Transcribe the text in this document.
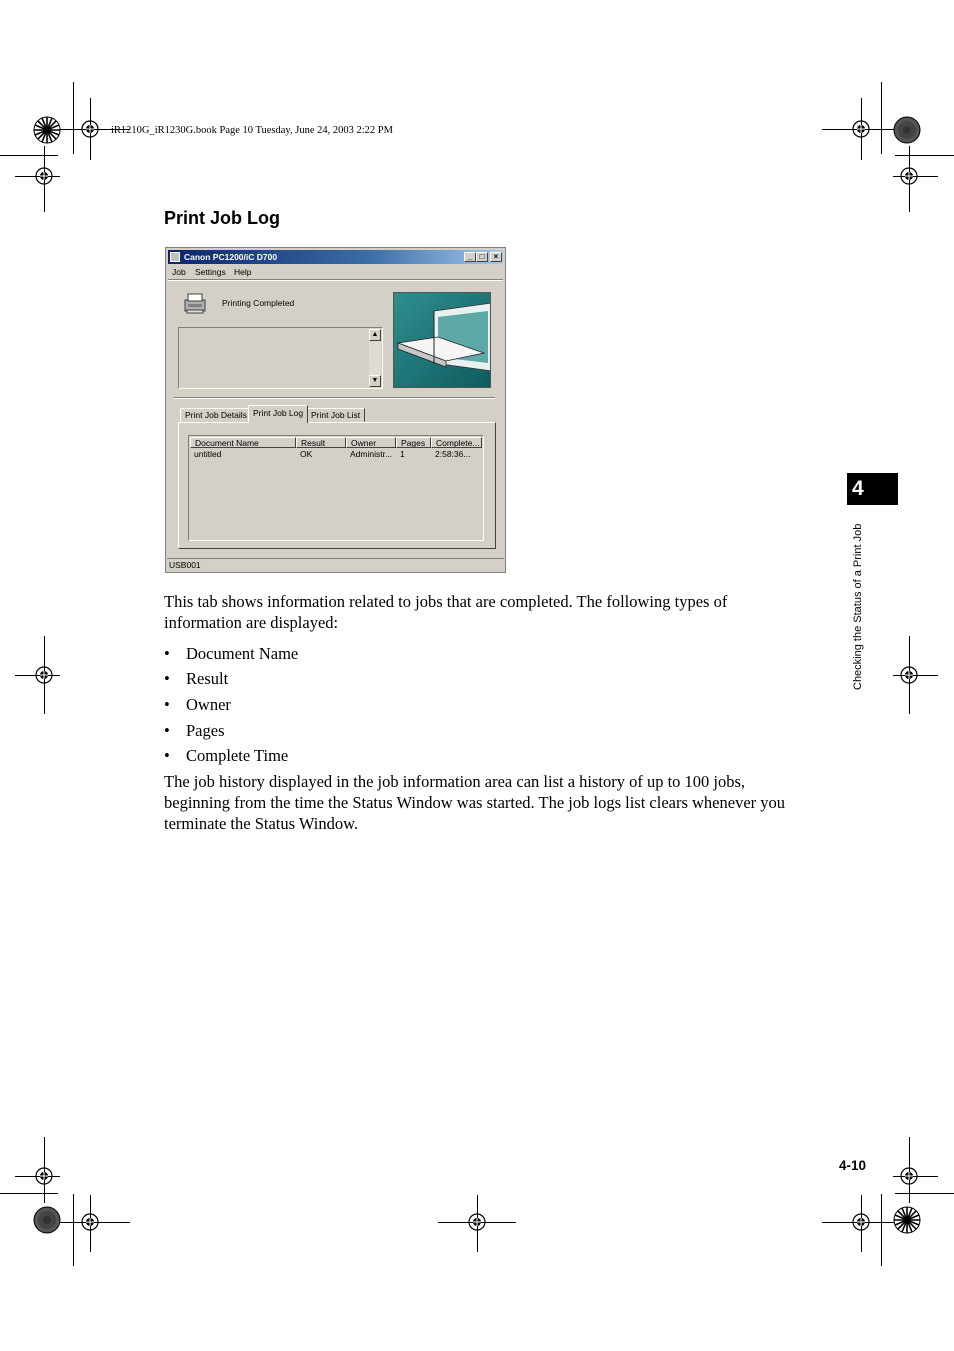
iR1210G_iR1230G.book Page 10 Tuesday, June 24, 2003 2:22 PM
Print Job Log
Canon PC1200/iC D700	_ □	×
Job Settings Help
Printing Completed
▲
▼
Print Job Details Print Job Log Print Job List
Document Name	Result	Owner	Pages	Complete...
untitled	OK	Administr... 1	2:58:36...
USB001
This tab shows information related to jobs that are completed. The following types of
information are displayed:
• Document Name
• Result
• Owner
• Pages
• Complete Time
The job history displayed in the job information area can list a history of up to 100 jobs,
beginning from the time the Status Window was started. The job logs list clears whenever you
terminate the Status Window.
4
Checking the Status of a Print Job
4-10
